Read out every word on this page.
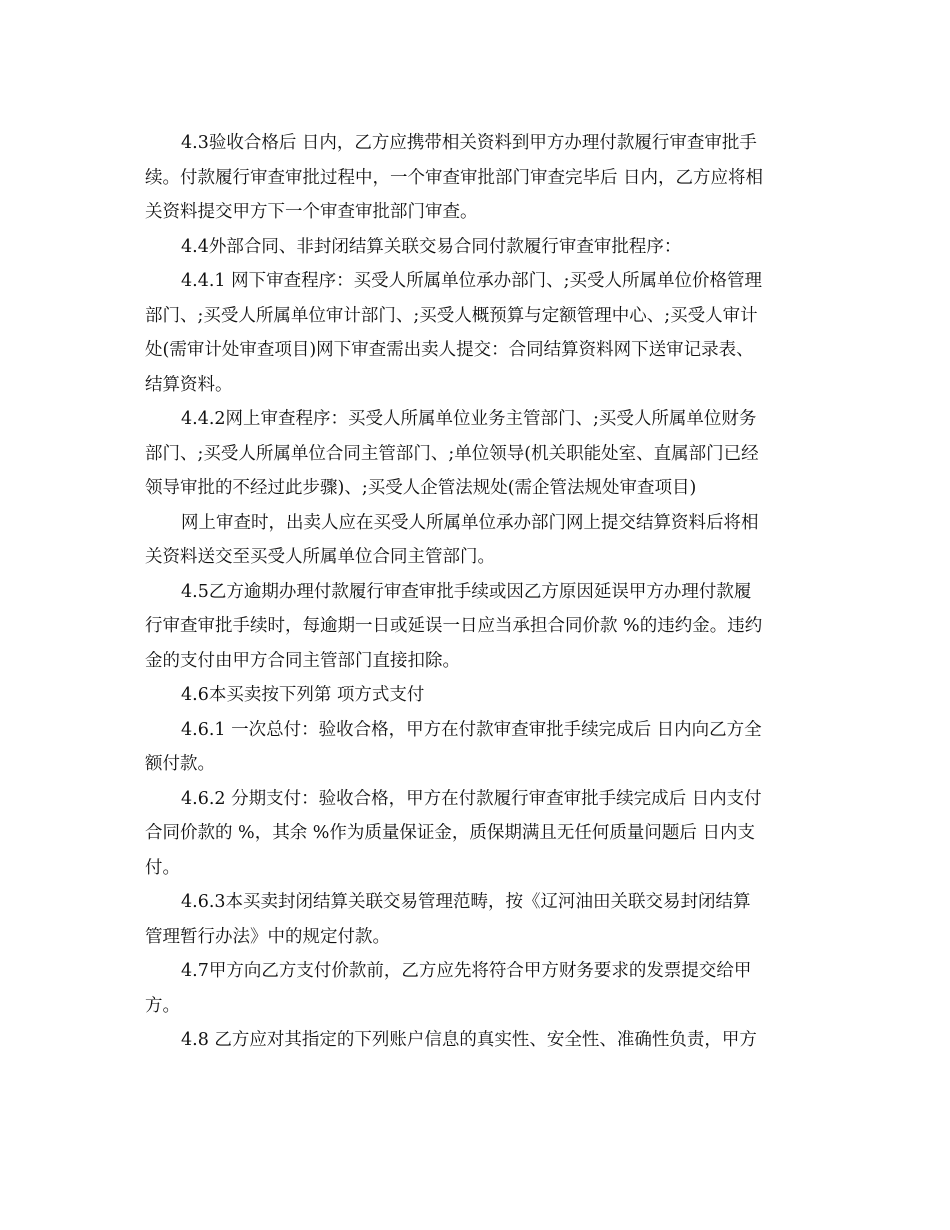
4.3验收合格后 日内，乙方应携带相关资料到甲方办理付款履行审查审批手
续。付款履行审查审批过程中，一个审查审批部门审查完毕后 日内，乙方应将相
关资料提交甲方下一个审查审批部门审查。
4.4外部合同、非封闭结算关联交易合同付款履行审查审批程序：
4.4.1 网下审查程序：买受人所属单位承办部门、;买受人所属单位价格管理
部门、;买受人所属单位审计部门、;买受人概预算与定额管理中心、;买受人审计
处(需审计处审查项目)网下审查需出卖人提交：合同结算资料网下送审记录表、
结算资料。
4.4.2网上审查程序：买受人所属单位业务主管部门、;买受人所属单位财务
部门、;买受人所属单位合同主管部门、;单位领导(机关职能处室、直属部门已经
领导审批的不经过此步骤)、;买受人企管法规处(需企管法规处审查项目)
网上审查时，出卖人应在买受人所属单位承办部门网上提交结算资料后将相
关资料送交至买受人所属单位合同主管部门。
4.5乙方逾期办理付款履行审查审批手续或因乙方原因延误甲方办理付款履
行审查审批手续时，每逾期一日或延误一日应当承担合同价款 %的违约金。违约
金的支付由甲方合同主管部门直接扣除。
4.6本买卖按下列第 项方式支付
4.6.1 一次总付：验收合格，甲方在付款审查审批手续完成后 日内向乙方全
额付款。
4.6.2 分期支付：验收合格，甲方在付款履行审查审批手续完成后 日内支付
合同价款的 %，其余 %作为质量保证金，质保期满且无任何质量问题后 日内支
付。
4.6.3本买卖封闭结算关联交易管理范畴，按《辽河油田关联交易封闭结算
管理暂行办法》中的规定付款。
4.7甲方向乙方支付价款前，乙方应先将符合甲方财务要求的发票提交给甲
方。
4.8 乙方应对其指定的下列账户信息的真实性、安全性、准确性负责，甲方
